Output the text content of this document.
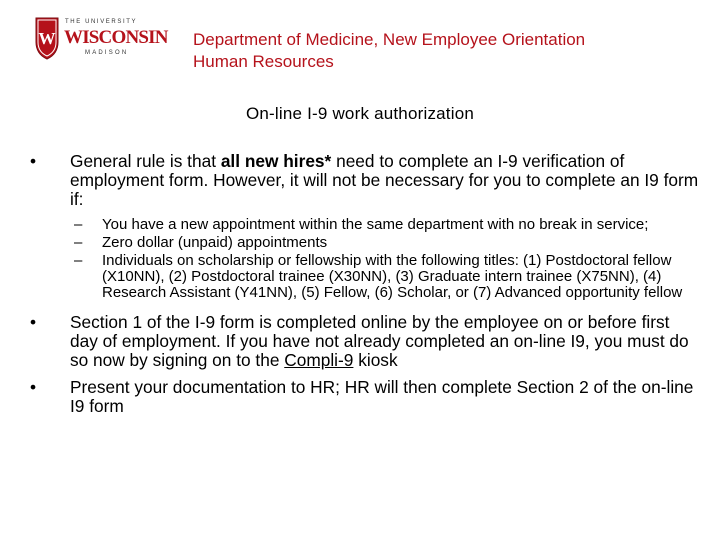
W
THE UNIVERSITY
WISCONSIN
MADISON
Department of Medicine, New Employee Orientation
Human Resources
On-line I-9 work authorization
• General rule is that all new hires* need to complete an I-9 verification of employment form. However, it will not be necessary for you to complete an I9 form if:
– You have a new appointment within the same department with no break in service;
– Zero dollar (unpaid) appointments
– Individuals on scholarship or fellowship with the following titles: (1) Postdoctoral fellow (X10NN), (2) Postdoctoral trainee (X30NN), (3) Graduate intern trainee (X75NN), (4) Research Assistant (Y41NN), (5) Fellow, (6) Scholar, or (7) Advanced opportunity fellow
• Section 1 of the I-9 form is completed online by the employee on or before first day of employment. If you have not already completed an on-line I9, you must do so now by signing on to the Compli-9 kiosk
• Present your documentation to HR; HR will then complete Section 2 of the on-line I9 form
